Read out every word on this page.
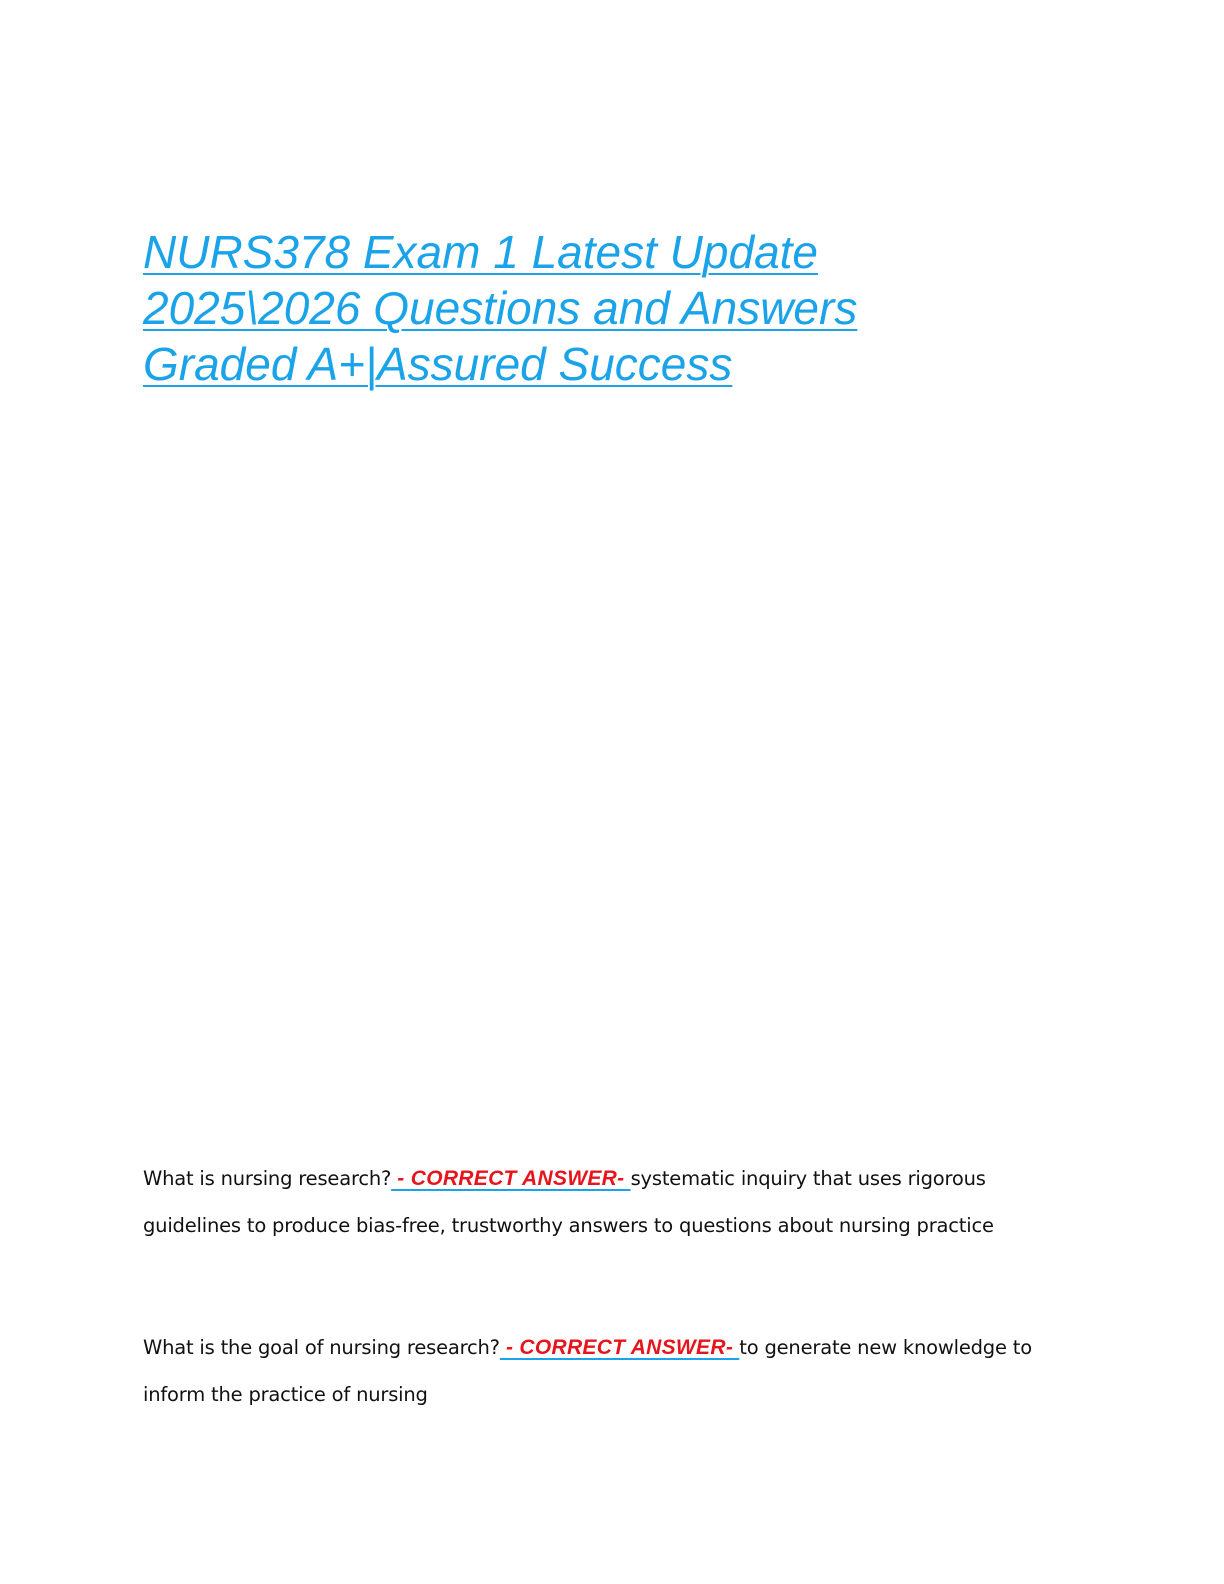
NURS378 Exam 1 Latest Update
2025\2026 Questions and Answers
Graded A+|Assured Success

What is nursing research? - CORRECT ANSWER- systematic inquiry that uses rigorous guidelines to produce bias-free, trustworthy answers to questions about nursing practice

What is the goal of nursing research? - CORRECT ANSWER- to generate new knowledge to inform the practice of nursing
